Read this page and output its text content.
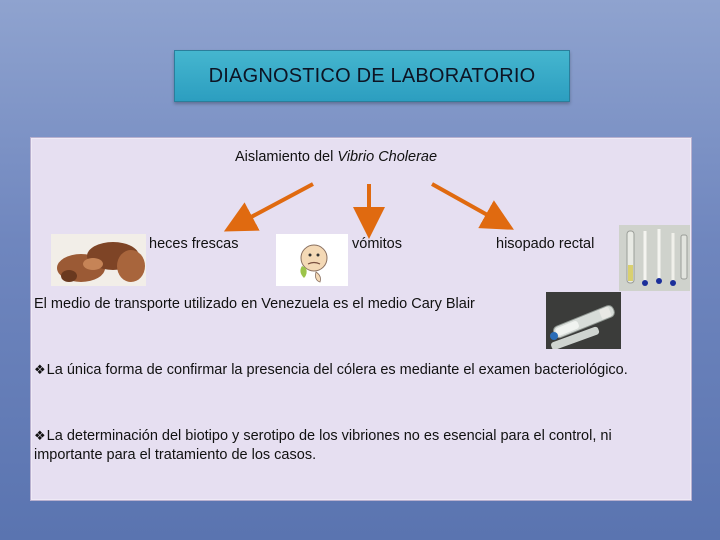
DIAGNOSTICO DE LABORATORIO
Aislamiento del Vibrio Cholerae
heces frescas	vómitos	hisopado rectal
El medio de transporte utilizado en Venezuela es el medio Cary Blair
❖La única forma de confirmar la presencia del cólera es mediante el examen bacteriológico.
❖La determinación del biotipo y serotipo de los vibriones no es esencial para el control, ni importante para el tratamiento de los casos.
